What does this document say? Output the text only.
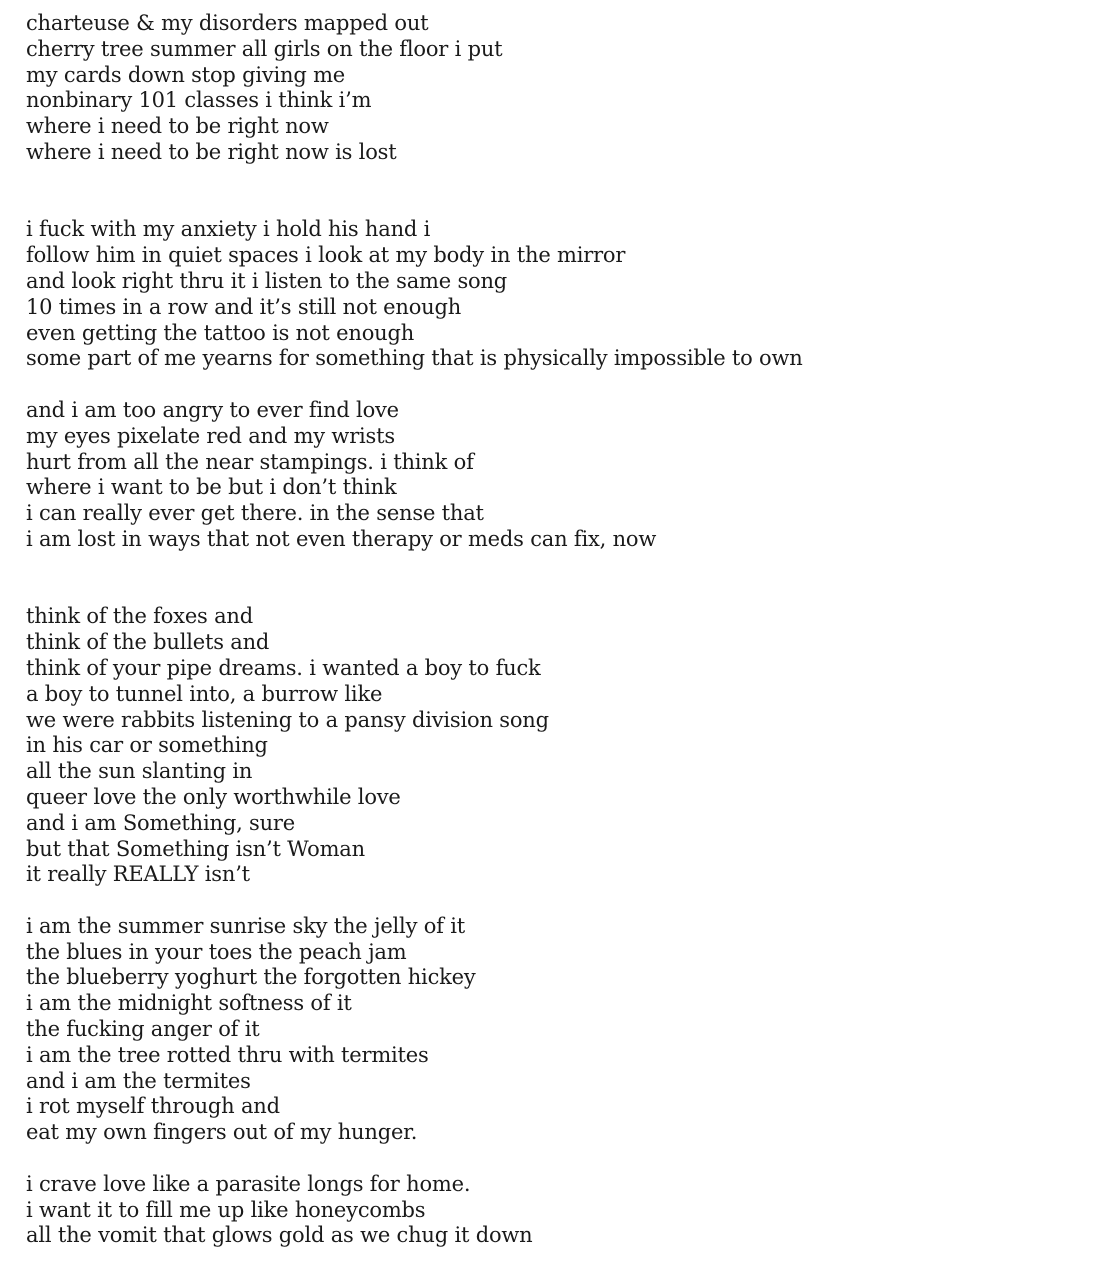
charteuse & my disorders mapped out
cherry tree summer all girls on the floor i put
my cards down stop giving me
nonbinary 101 classes i think i’m
where i need to be right now
where i need to be right now is lost
i fuck with my anxiety i hold his hand i
follow him in quiet spaces i look at my body in the mirror
and look right thru it i listen to the same song
10 times in a row and it’s still not enough
even getting the tattoo is not enough
some part of me yearns for something that is physically impossible to own
and i am too angry to ever find love
my eyes pixelate red and my wrists
hurt from all the near stampings. i think of
where i want to be but i don’t think
i can really ever get there. in the sense that
i am lost in ways that not even therapy or meds can fix, now
think of the foxes and
think of the bullets and
think of your pipe dreams. i wanted a boy to fuck
a boy to tunnel into, a burrow like
we were rabbits listening to a pansy division song
in his car or something
all the sun slanting in
queer love the only worthwhile love
and i am Something, sure
but that Something isn’t Woman
it really REALLY isn’t
i am the summer sunrise sky the jelly of it
the blues in your toes the peach jam
the blueberry yoghurt the forgotten hickey
i am the midnight softness of it
the fucking anger of it
i am the tree rotted thru with termites
and i am the termites
i rot myself through and
eat my own fingers out of my hunger.
i crave love like a parasite longs for home.
i want it to fill me up like honeycombs
all the vomit that glows gold as we chug it down
